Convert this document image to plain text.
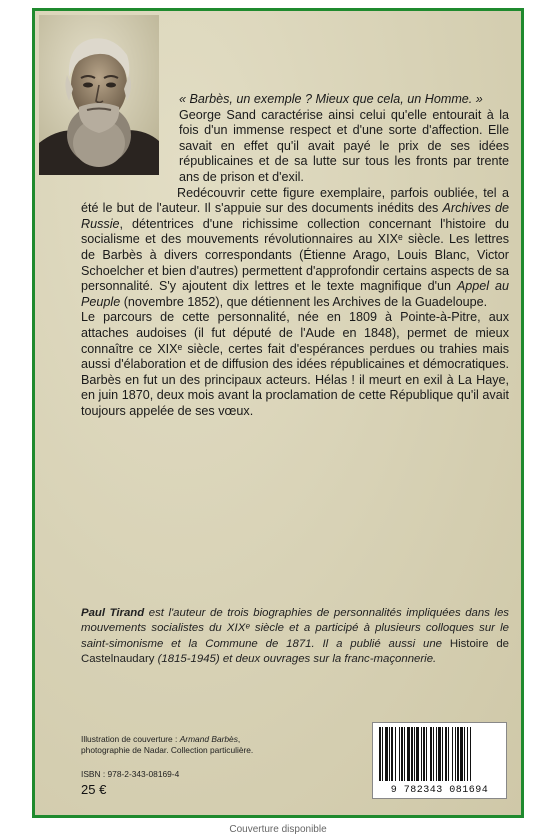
« Barbès, un exemple ? Mieux que cela, un Homme. »

George Sand caractérise ainsi celui qu'elle entourait à la fois d'un immense respect et d'une sorte d'affection. Elle savait en effet qu'il avait payé le prix de ses idées républicaines et de sa lutte sur tous les fronts par trente ans de prison et d'exil.

Redécouvrir cette figure exemplaire, parfois oubliée, tel a été le but de l'auteur. Il s'appuie sur des documents inédits des Archives de Russie, détentrices d'une richissime collection concernant l'histoire du socialisme et des mouvements révolutionnaires au XIXᵉ siècle. Les lettres de Barbès à divers correspondants (Étienne Arago, Louis Blanc, Victor Schoelcher et bien d'autres) permettent d'approfondir certains aspects de sa personnalité. S'y ajoutent dix lettres et le texte magnifique d'un Appel au Peuple (novembre 1852), que détiennent les Archives de la Guadeloupe.

Le parcours de cette personnalité, née en 1809 à Pointe-à-Pitre, aux attaches audoises (il fut député de l'Aude en 1848), permet de mieux connaître ce XIXᵉ siècle, certes fait d'espérances perdues ou trahies mais aussi d'élaboration et de diffusion des idées républicaines et démocratiques. Barbès en fut un des principaux acteurs. Hélas ! il meurt en exil à La Haye, en juin 1870, deux mois avant la proclamation de cette République qu'il avait toujours appelée de ses vœux.

Paul Tirand est l'auteur de trois biographies de personnalités impliquées dans les mouvements socialistes du XIXᵉ siècle et a participé à plusieurs colloques sur le saint-simonisme et la Commune de 1871. Il a publié aussi une Histoire de Castelnaudary (1815-1945) et deux ouvrages sur la franc-maçonnerie.
Illustration de couverture : Armand Barbès,
photographie de Nadar. Collection particulière.
ISBN : 978-2-343-08169-4
25 €	9 782343 081694
Couverture disponible
